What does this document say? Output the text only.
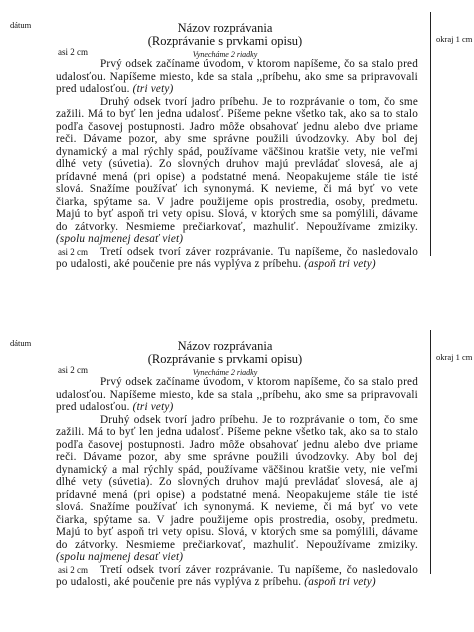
dátum
okraj 1 cm
Názov rozprávania
(Rozprávanie s prvkami opisu)
Vynecháme 2 riadky
asi 2 cm
asi 2 cm

Prvý odsek začíname úvodom, v ktorom napíšeme, čo sa stalo pred udalosťou. Napíšeme miesto, kde sa stala ,,príbehu, ako sme sa pripravovali pred udalosťou. (tri vety)

Druhý odsek tvorí jadro príbehu. Je to rozprávanie o tom, čo sme zažili. Má to byť len jedna udalosť. Píšeme pekne všetko tak, ako sa to stalo podľa časovej postupnosti. Jadro môže obsahovať jednu alebo dve priame reči. Dávame pozor, aby sme správne použili úvodzovky. Aby bol dej dynamický a mal rýchly spád, používame väčšinou kratšie vety, nie veľmi dlhé vety (súvetia). Zo slovných druhov majú prevládať slovesá, ale aj prídavné mená (pri opise) a podstatné mená. Neopakujeme stále tie isté slová. Snažíme používať ich synonymá. K nevieme, či má byť vo vete čiarka, spýtame sa. V jadre použijeme opis prostredia, osoby, predmetu. Majú to byť aspoň tri vety opisu. Slová, v ktorých sme sa pomýlili, dávame do zátvorky. Nesmieme prečiarkovať, mazhuliť. Nepoužívame zmiziky. (spolu najmenej desať viet)

Tretí odsek tvorí záver rozprávanie. Tu napíšeme, čo nasledovalo po udalosti, aké poučenie pre nás vyplýva z príbehu. (aspoň tri vety)

dátum
okraj 1 cm
Názov rozprávania
(Rozprávanie s prvkami opisu)
Vynecháme 2 riadky
asi 2 cm
asi 2 cm

Prvý odsek začíname úvodom, v ktorom napíšeme, čo sa stalo pred udalosťou. Napíšeme miesto, kde sa stala ,,príbehu, ako sme sa pripravovali pred udalosťou. (tri vety)

Druhý odsek tvorí jadro príbehu. Je to rozprávanie o tom, čo sme zažili. Má to byť len jedna udalosť. Píšeme pekne všetko tak, ako sa to stalo podľa časovej postupnosti. Jadro môže obsahovať jednu alebo dve priame reči. Dávame pozor, aby sme správne použili úvodzovky. Aby bol dej dynamický a mal rýchly spád, používame väčšinou kratšie vety, nie veľmi dlhé vety (súvetia). Zo slovných druhov majú prevládať slovesá, ale aj prídavné mená (pri opise) a podstatné mená. Neopakujeme stále tie isté slová. Snažíme používať ich synonymá. K nevieme, či má byť vo vete čiarka, spýtame sa. V jadre použijeme opis prostredia, osoby, predmetu. Majú to byť aspoň tri vety opisu. Slová, v ktorých sme sa pomýlili, dávame do zátvorky. Nesmieme prečiarkovať, mazhuliť. Nepoužívame zmiziky. (spolu najmenej desať viet)

Tretí odsek tvorí záver rozprávanie. Tu napíšeme, čo nasledovalo po udalosti, aké poučenie pre nás vyplýva z príbehu. (aspoň tri vety)
